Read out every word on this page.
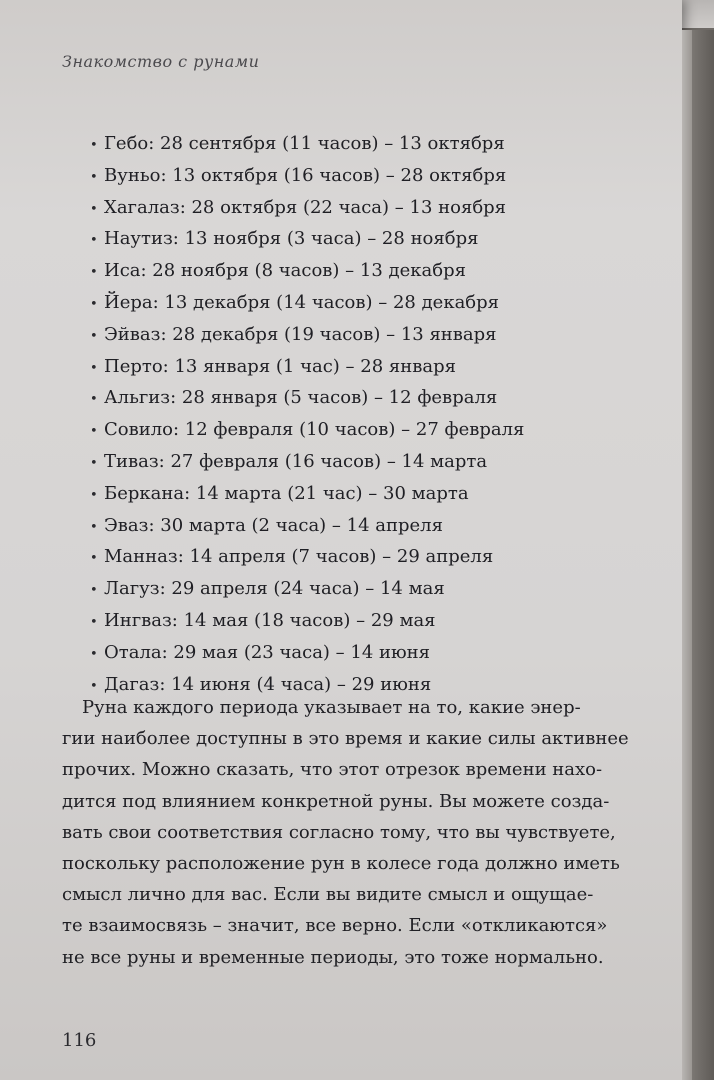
Знакомство с рунами
• Гебо: 28 сентября (11 часов) – 13 октября
• Вуньо: 13 октября (16 часов) – 28 октября
• Хагалаз: 28 октября (22 часа) – 13 ноября
• Наутиз: 13 ноября (3 часа) – 28 ноября
• Иса: 28 ноября (8 часов) – 13 декабря
• Йера: 13 декабря (14 часов) – 28 декабря
• Эйваз: 28 декабря (19 часов) – 13 января
• Перто: 13 января (1 час) – 28 января
• Альгиз: 28 января (5 часов) – 12 февраля
• Совило: 12 февраля (10 часов) – 27 февраля
• Тиваз: 27 февраля (16 часов) – 14 марта
• Беркана: 14 марта (21 час) – 30 марта
• Эваз: 30 марта (2 часа) – 14 апреля
• Манназ: 14 апреля (7 часов) – 29 апреля
• Лагуз: 29 апреля (24 часа) – 14 мая
• Ингваз: 14 мая (18 часов) – 29 мая
• Отала: 29 мая (23 часа) – 14 июня
• Дагаз: 14 июня (4 часа) – 29 июня

Руна каждого периода указывает на то, какие энер-
гии наиболее доступны в это время и какие силы активнее
прочих. Можно сказать, что этот отрезок времени нахо-
дится под влиянием конкретной руны. Вы можете созда-
вать свои соответствия согласно тому, что вы чувствуете,
поскольку расположение рун в колесе года должно иметь
смысл лично для вас. Если вы видите смысл и ощущае-
те взаимосвязь – значит, все верно. Если «откликаются»
не все руны и временные периоды, это тоже нормально.

116
